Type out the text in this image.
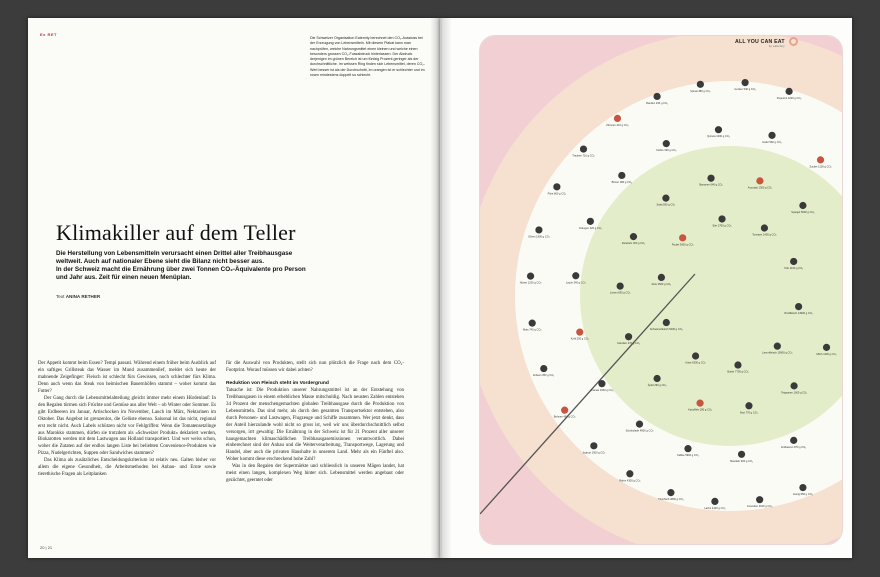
Ex RET
Die Schweizer Organisation Eaternity berechnet den CO₂-Ausstoss bei der Erzeugung von Lebensmitteln. Mit diesem Plakat kann man nachprüfen, welche Nahrungsmittel einen kleinen und welche einen besonders grossen CO₂-Fussabdruck hinterlassen. Der Abdruck derjenigen im grünen Bereich ist um fünfzig Prozent geringer als der durchschnittliche. Im weissen Ring finden sich Lebensmittel, deren CO₂-Wert besser ist als der Durchschnitt, im orangen ist er schlechter und im rosen mindestens doppelt so schlecht.
Klimakiller auf dem Teller
Die Herstellung von Lebensmitteln verursacht einen Drittel aller Treibhausgase
weltweit. Auch auf nationaler Ebene sieht die Bilanz nicht besser aus.
In der Schweiz macht die Ernährung über zwei Tonnen CO₂-Äquivalente pro Person
und Jahr aus. Zeit für einen neuen Menüplan.
Text ANINA RETHER

Der Appetit kommt beim Essen? Tempi passati. Während einem früher beim Ausblick auf ein saftiges Grillsteak das Wasser im Mund zusammenlief, meldet sich heute der mahnende Zeigefinger: Fleisch ist schlecht fürs Gewissen, noch schlechter fürs Klima. Denn auch wenn das Steak von heimischen Bauernhöfen stammt – woher kommt das Futter?

Der Gang durch die Lebensmittelabteilung gleicht immer mehr einem Hürdenlauf: In den Regalen türmen sich Früchte und Gemüse aus aller Welt – ob Winter oder Sommer. Es gibt Erdbeeren im Januar, Artischocken im November, Lauch im März, Nektarinen im Oktober. Das Angebot ist grenzenlos, die Gelüste ebenso. Saisonal ist das nicht, regional erst recht nicht. Auch Labels schützen nicht vor Fehlgriffen: Wenn die Tomatensetzlinge aus Marokko stammen, dürfen sie trotzdem als «Schweizer Produkt» deklariert werden, Biokarotten werden mit dem Lastwagen aus Holland transportiert. Und wer weiss schon, woher die Zutaten auf der endlos langen Liste bei beliebten Convenience-Produkten wie Pizza, Nudelgerichten, Suppen oder Sandwiches stammen?

Das Klima als zusätzliches Entscheidungskriterium ist relativ neu. Galten bisher vor allem die eigene Gesundheit, die Arbeitsmethoden bei Anbau- und Ernte sowie tierethische Fragen als Leitplanken

für die Auswahl von Produkten, stellt sich nun plötzlich die Frage nach dem CO₂-Footprint. Worauf müssen wir dabei achten?

Reduktion von Fleisch steht im Vordergrund

Tatsache ist: Die Produktion unserer Nahrungsmittel ist an der Entstehung von Treibhausgasen in einem erheblichen Masse mitschuldig. Nach neusten Zahlen entstehen 34 Prozent der menschengemachten globalen Treibhausgase durch die Produktion von Lebensmitteln. Das sind mehr, als durch den gesamten Transportsektor entstehen, also durch Personen- und Lastwagen, Flugzeuge und Schiffe zusammen. Wer jetzt denkt, dass der Anteil hierzulande wohl nicht so gross ist, weil wir uns überdurchschnittlich selbst versorgen, irrt gewaltig: Die Ernährung in der Schweiz ist für 21 Prozent aller unserer hausgemachten klimaschädlichen Treibhausgasemissionen verantwortlich. Dabei einberechnet sind der Anbau und die Weiterverarbeitung, Transportwege, Lagerung und Handel, aber auch die privaten Haushalte in unserem Land. Mehr als ein Fünftel also. Woher kommt diese erschreckend hohe Zahl?

Was in den Regalen der Supermärkte und schliesslich in unseren Mägen landet, hat meist einen langen, komplexen Weg hinter sich. Lebensmittel werden angebaut oder gezüchtet, geerntet oder

20 | 21
Rindfleisch 14900 g CO₂
Lammfleisch 10900 g CO₂
Butter 7700 g CO₂
Käse 6300 g CO₂
Schweinefleisch 5200 g CO₂
Reis 2500 g CO₂
Poulet 3600 g CO₂
Eier 2700 g CO₂
Tomaten 1400 g CO₂
Tofu 1100 g CO₂
Milch 1100 g CO₂
Teigwaren 1000 g CO₂
Brot 770 g CO₂
Kartoffeln 280 g CO₂
Äpfel 290 g CO₂
Karotten 270 g CO₂
Linsen 830 g CO₂
Zwiebeln 300 g CO₂
Salat 590 g CO₂
Bananen 640 g CO₂
Avocado 1300 g CO₂
Spargel 5600 g CO₂
Erdbeeren 870 g CO₂
Mandeln 900 g CO₂
Kaffee 5900 g CO₂
Schokolade 4800 g CO₂
Ananas 1000 g CO₂
Kohl 200 g CO₂
Lauch 340 g CO₂
Orangen 420 g CO₂
Birnen 380 g CO₂
Kürbis 330 g CO₂
Quinoa 1300 g CO₂
Hafer 560 g CO₂
Zucker 1100 g CO₂
Honig 650 g CO₂
Crevetten 9100 g CO₂
Lachs 4100 g CO₂
Thunfisch 2800 g CO₂
Rahm 4300 g CO₂
Joghurt 1500 g CO₂
Bohnen 460 g CO₂
Erbsen 350 g CO₂
Mais 740 g CO₂
Nüsse 1200 g CO₂
Oliven 1900 g CO₂
Pilze 660 g CO₂
Trauben 710 g CO₂
Zitronen 410 g CO₂
Randen 230 g CO₂
Spinat 480 g CO₂
Gurken 540 g CO₂
Peperoni 1200 g CO₂
ALL YOU CAN EAT
by eaternity
